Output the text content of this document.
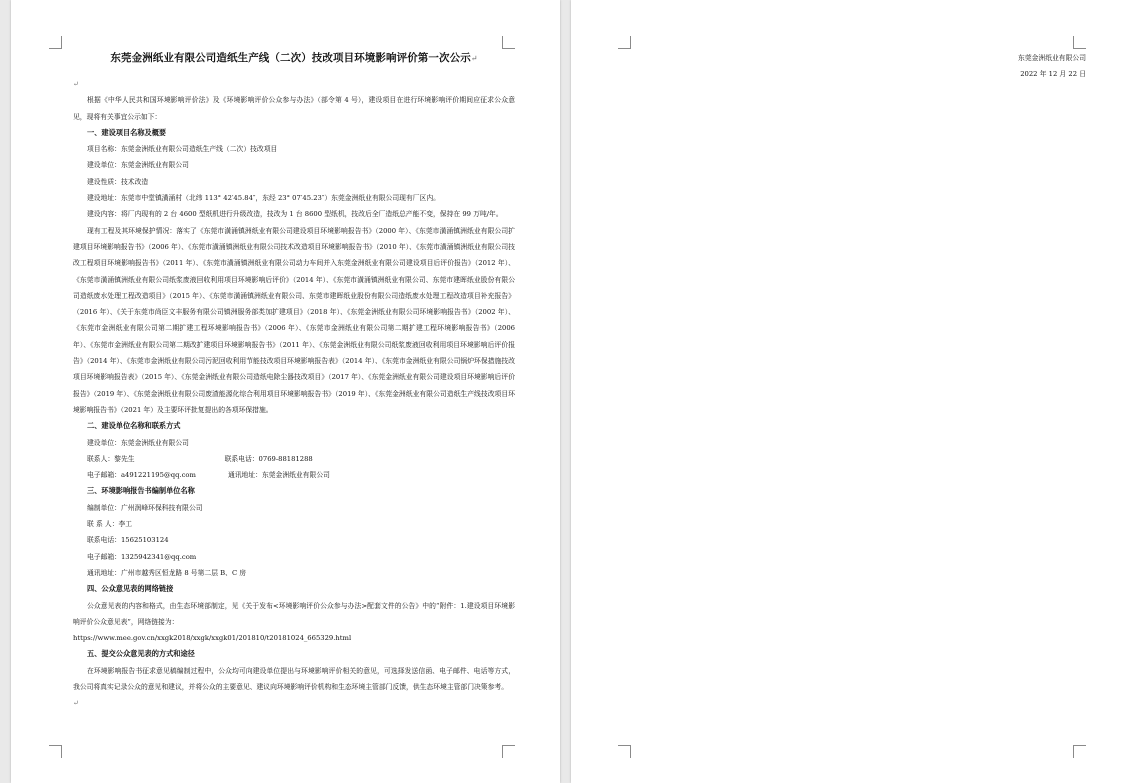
东莞金洲纸业有限公司造纸生产线（二次）技改项目环境影响评价第一次公示↵

↵

根据《中华人民共和国环境影响评价法》及《环境影响评价公众参与办法》（部令第 4 号），建设项目在进行环境影响评价期间应征求公众意见，现将有关事宜公示如下：

一、建设项目名称及概要

项目名称：东莞金洲纸业有限公司造纸生产线（二次）技改项目

建设单位：东莞金洲纸业有限公司

建设性质：技术改造

建设地址：东莞市中堂镇潢涌村（北纬 113° 42′45.84″，东经 23° 07′45.23″）东莞金洲纸业有限公司现有厂区内。

建设内容：将厂内现有的 2 台 4600 型纸机进行升级改造，技改为 1 台 8600 型纸机，技改后全厂造纸总产能不变，保持在 99 万吨/年。

现有工程及其环境保护情况：落实了《东莞市潢涌镇洲纸业有限公司建设项目环境影响报告书》（2000 年）、《东莞市潢涌镇洲纸业有限公司扩建项目环境影响报告书》（2006 年）、《东莞市潢涌镇洲纸业有限公司技术改造项目环境影响报告书》（2010 年）、《东莞市潢涌镇洲纸业有限公司技改工程项目环境影响报告书》（2011 年）、《东莞市潢涌镇洲纸业有限公司动力车间并入东莞金洲纸业有限公司建设项目后评价报告》（2012 年）、《东莞市潢涌镇洲纸业有限公司纸浆废液回收利用项目环境影响后评价》（2014 年）、《东莞市潢涌镇洲纸业有限公司、东莞市建晖纸业股份有限公司造纸废水处理工程改造项目》（2015 年）、《东莞市潢涌镇洲纸业有限公司、东莞市建晖纸业股份有限公司造纸废水处理工程改造项目补充报告》（2016 年）、《关于东莞市尚臣文丰服务有限公司镇洲服务部类加扩建项目》（2018 年）、《东莞金洲纸业有限公司环境影响报告书》（2002 年）、《东莞市金洲纸业有限公司第二期扩建工程环境影响报告书》（2006 年）、《东莞市金洲纸业有限公司第二期扩建工程环境影响报告书》（2006 年）、《东莞市金洲纸业有限公司第二期改扩建项目环境影响报告书》（2011 年）、《东莞金洲纸业有限公司纸浆废液回收利用项目环境影响后评价报告》（2014 年）、《东莞市金洲纸业有限公司污泥回收利用节能技改项目环境影响报告表》（2014 年）、《东莞市金洲纸业有限公司锅炉环保措施技改项目环境影响报告表》（2015 年）、《东莞金洲纸业有限公司造纸电除尘器技改项目》（2017 年）、《东莞金洲纸业有限公司建设项目环境影响后评价报告》（2019 年）、《东莞金洲纸业有限公司废渣能源化综合利用项目环境影响报告书》（2019 年）、《东莞金洲纸业有限公司造纸生产线技改项目环境影响报告书》（2021 年）及主要环评批复提出的各项环保措施。

二、建设单位名称和联系方式

建设单位：东莞金洲纸业有限公司

联系人：黎先生	联系电话：0769-88181288

电子邮箱：a491221195@qq.com	通讯地址：东莞金洲纸业有限公司

三、环境影响报告书编制单位名称

编制单位：广州润峰环保科技有限公司

联 系 人：李工

联系电话：15625103124

电子邮箱：1325942341@qq.com

通讯地址：广州市越秀区恒龙路 8 号第二层 B、C 房

四、公众意见表的网络链接

公众意见表的内容和格式，由生态环境部制定，见《关于发布<环境影响评价公众参与办法>配套文件的公告》中的“附件：1.建设项目环境影响评价公众意见表”，网络链接为：

https://www.mee.gov.cn/xxgk2018/xxgk/xxgk01/201810/t20181024_665329.html

五、提交公众意见表的方式和途径

在环境影响报告书征求意见稿编制过程中，公众均可向建设单位提出与环境影响评价相关的意见，可选择发送信函、电子邮件、电话等方式，我公司将真实记录公众的意见和建议，并将公众的主要意见、建议向环境影响评价机构和生态环境主管部门反馈，供生态环境主管部门决策参考。

↵

东莞金洲纸业有限公司
2022 年 12 月 22 日
